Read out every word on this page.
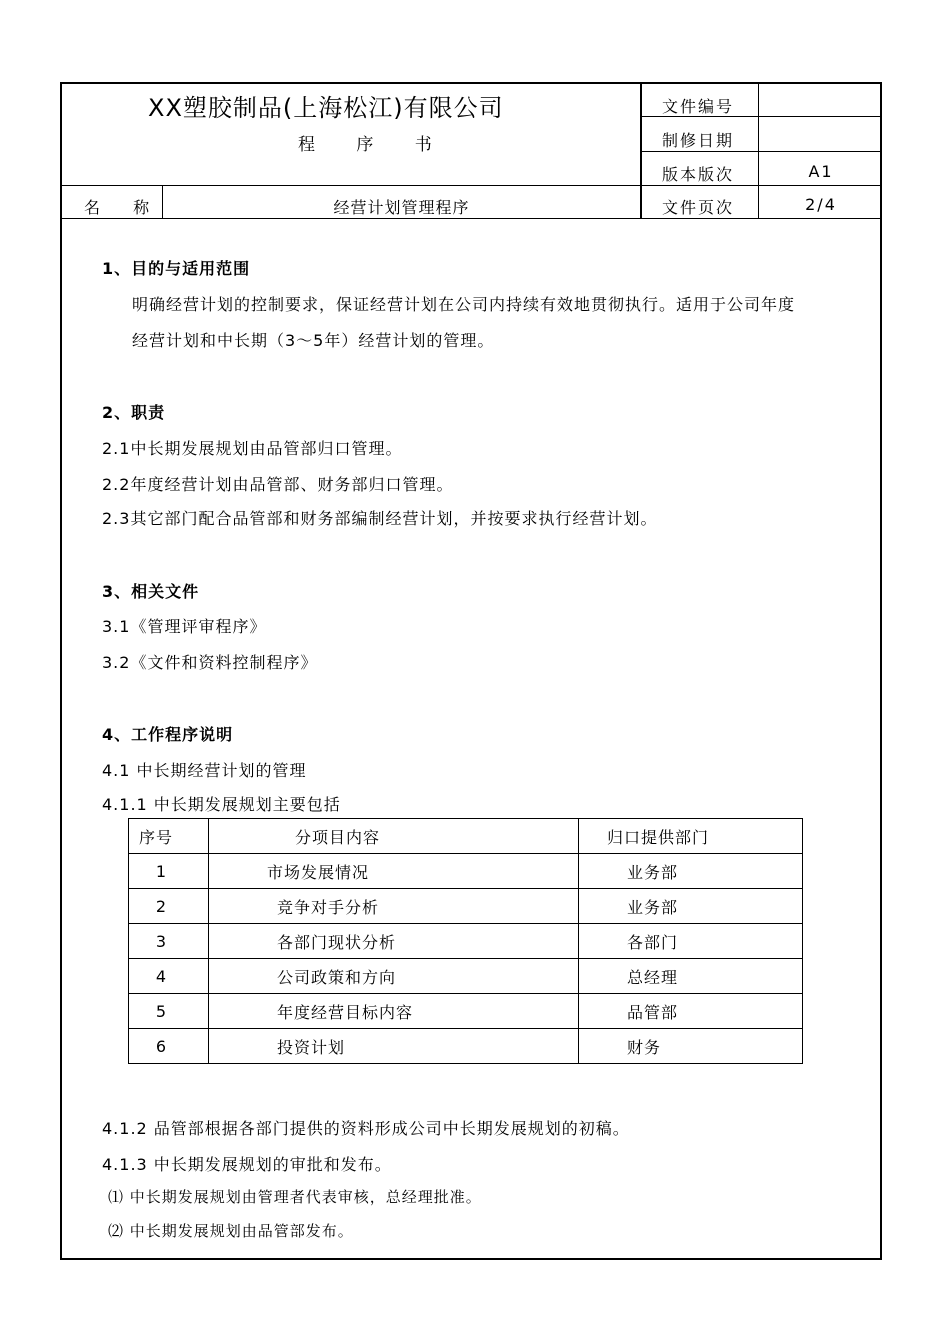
XX塑胶制品(上海松江)有限公司
程 序 书
文件编号
制修日期
版本版次	A1
名 称	经营计划管理程序	文件页次	2/4
1、目的与适用范围
明确经营计划的控制要求，保证经营计划在公司内持续有效地贯彻执行。适用于公司年度
经营计划和中长期（3～5年）经营计划的管理。
2、职责
2.1中长期发展规划由品管部归口管理。
2.2年度经营计划由品管部、财务部归口管理。
2.3其它部门配合品管部和财务部编制经营计划，并按要求执行经营计划。
3、相关文件
3.1《管理评审程序》
3.2《文件和资料控制程序》
4、工作程序说明
4.1 中长期经营计划的管理
4.1.1 中长期发展规划主要包括
序号	分项目内容	归口提供部门
1	市场发展情况	业务部
2	竞争对手分析	业务部
3	各部门现状分析	各部门
4	公司政策和方向	总经理
5	年度经营目标内容	品管部
6	投资计划	财务
4.1.2 品管部根据各部门提供的资料形成公司中长期发展规划的初稿。
4.1.3 中长期发展规划的审批和发布。
⑴ 中长期发展规划由管理者代表审核，总经理批准。
⑵ 中长期发展规划由品管部发布。
